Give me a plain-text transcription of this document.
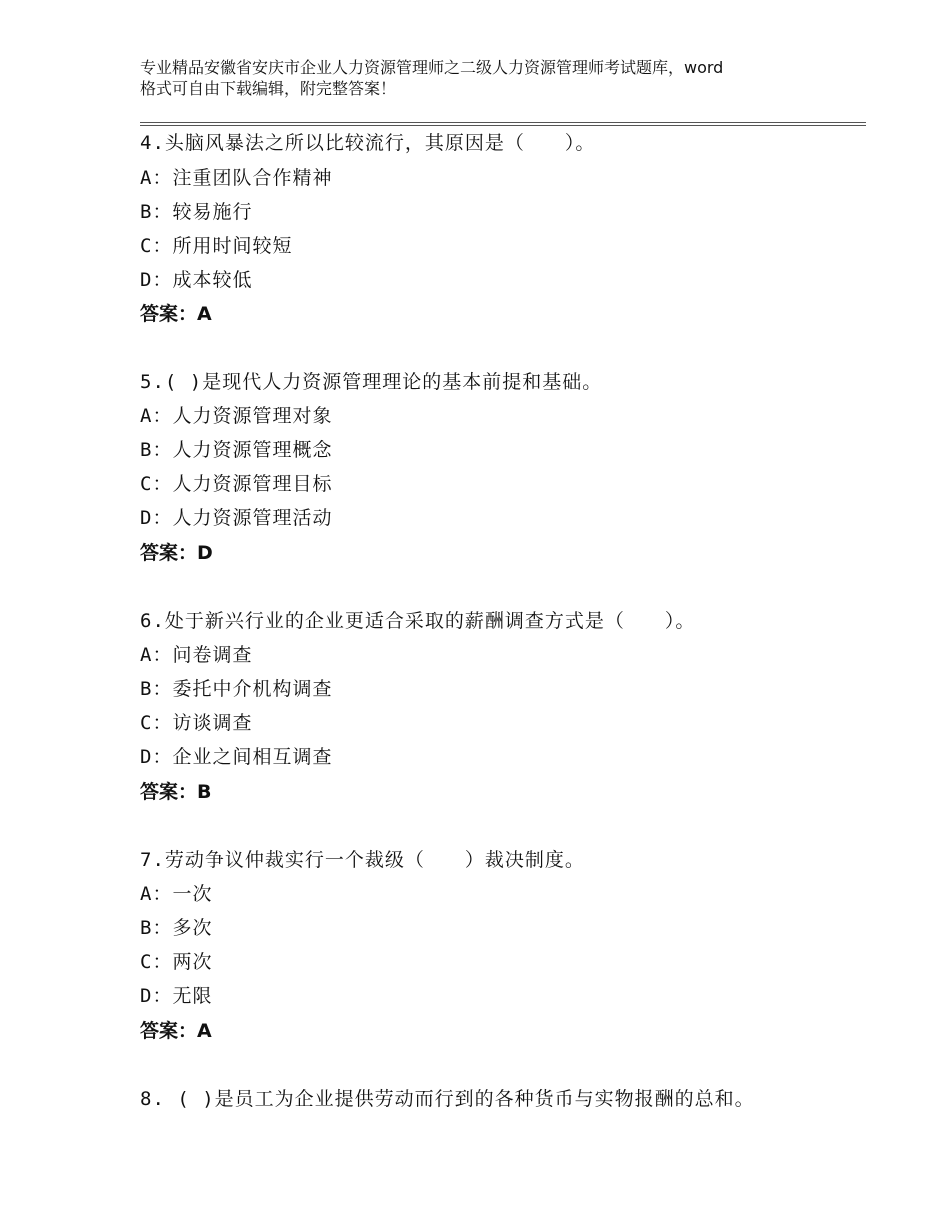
专业精品安徽省安庆市企业人力资源管理师之二级人力资源管理师考试题库，word
格式可自由下载编辑，附完整答案！
4.头脑风暴法之所以比较流行，其原因是（　　）。
A：注重团队合作精神
B：较易施行
C：所用时间较短
D：成本较低
答案：A
5.( )是现代人力资源管理理论的基本前提和基础。
A：人力资源管理对象
B：人力资源管理概念
C：人力资源管理目标
D：人力资源管理活动
答案：D
6.处于新兴行业的企业更适合采取的薪酬调查方式是（　　）。
A：问卷调查
B：委托中介机构调查
C：访谈调查
D：企业之间相互调查
答案：B
7.劳动争议仲裁实行一个裁级（　　）裁决制度。
A：一次
B：多次
C：两次
D：无限
答案：A
8. ( )是员工为企业提供劳动而行到的各种货币与实物报酬的总和。
